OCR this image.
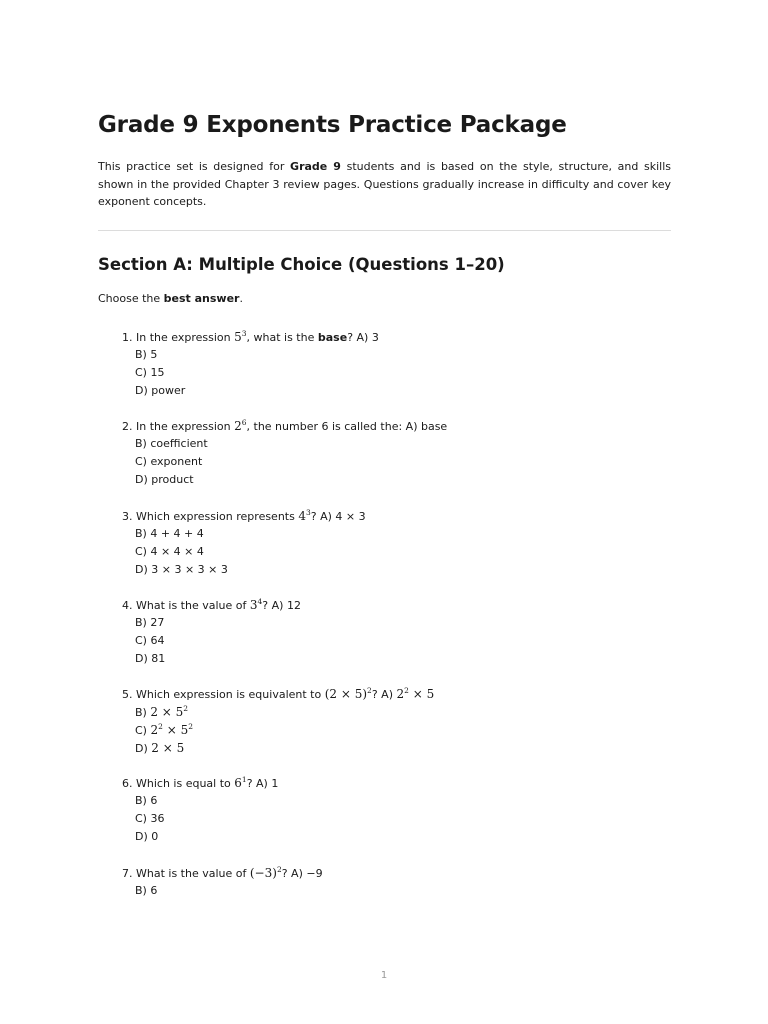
Grade 9 Exponents Practice Package

This practice set is designed for Grade 9 students and is based on the style, structure, and skills shown in the provided Chapter 3 review pages. Questions gradually increase in difficulty and cover key exponent concepts.

Section A: Multiple Choice (Questions 1–20)

Choose the best answer.

1. In the expression $5^3$, what is the base? A) 3
B) 5
C) 15
D) power
2. In the expression $2^6$, the number 6 is called the: A) base
B) coefficient
C) exponent
D) product
3. Which expression represents $4^3$? A) 4 × 3
B) 4 + 4 + 4
C) 4 × 4 × 4
D) 3 × 3 × 3 × 3
4. What is the value of $3^4$? A) 12
B) 27
C) 64
D) 81
5. Which expression is equivalent to $(2 \times 5)^2$? A) $2^2 \times 5$
B) $2 \times 5^2$
C) $2^2 \times 5^2$
D) 2 × 5
6. Which is equal to $6^1$? A) 1
B) 6
C) 36
D) 0
7. What is the value of $(-3)^2$? A) −9
B) 6
1
